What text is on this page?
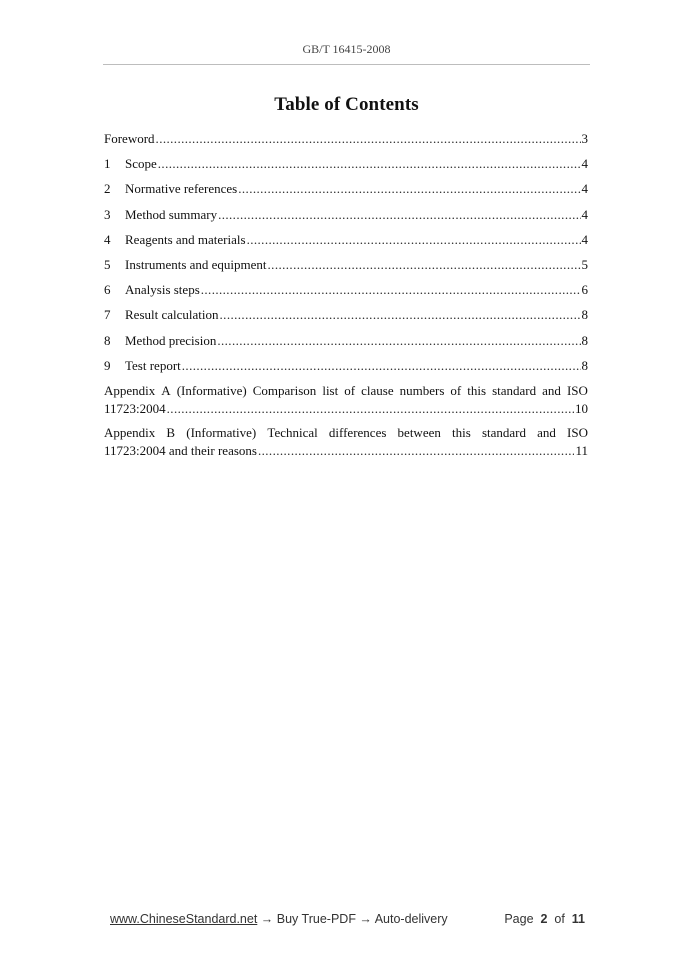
GB/T 16415-2008
Table of Contents
Foreword .....	3
1	Scope .....	4
2	Normative references .....	4
3	Method summary .....	4
4	Reagents and materials .....	4
5	Instruments and equipment .....	5
6	Analysis steps .....	6
7	Result calculation .....	8
8	Method precision .....	8
9	Test report .....	8
Appendix A (Informative) Comparison list of clause numbers of this standard and ISO
11723:2004 .....	10
Appendix B (Informative) Technical differences between this standard and ISO
11723:2004 and their reasons .....	11
www.ChineseStandard.net → Buy True-PDF → Auto-delivery	Page 2 of 11
